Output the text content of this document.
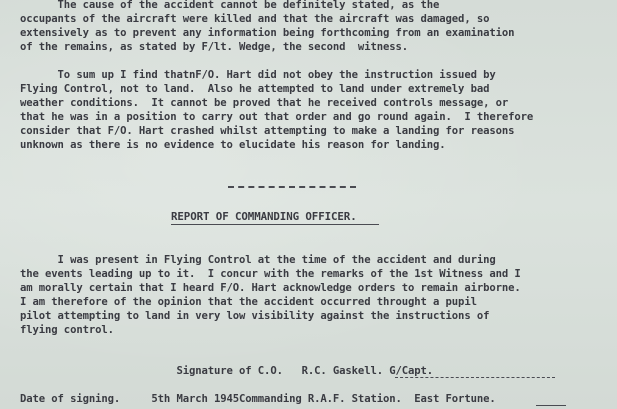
The cause of the accident cannot be definitely stated, as the
occupants of the aircraft were killed and that the aircraft was damaged, so
extensively as to prevent any information being forthcoming from an examination
of the remains, as stated by F/lt. Wedge, the second  witness.
To sum up I find thatnF/O. Hart did not obey the instruction issued by
Flying Control, not to land.  Also he attempted to land under extremely bad
weather conditions.  It cannot be proved that he received controls message, or
that he was in a position to carry out that order and go round again.  I therefore
consider that F/O. Hart crashed whilst attempting to make a landing for reasons
unknown as there is no evidence to elucidate his reason for landing.
REPORT OF COMMANDING OFFICER.
I was present in Flying Control at the time of the accident and during
the events leading up to it.  I concur with the remarks of the 1st Witness and I
am morally certain that I heard F/O. Hart acknowledge orders to remain airborne.
I am therefore of the opinion that the accident occurred throught a pupil
pilot attempting to land in very low visibility against the instructions of
flying control.
Signature of C.O.   R.C. Gaskell. G/Capt.
Date of signing.     5th March 1945Commanding R.A.F. Station.  East Fortune.
